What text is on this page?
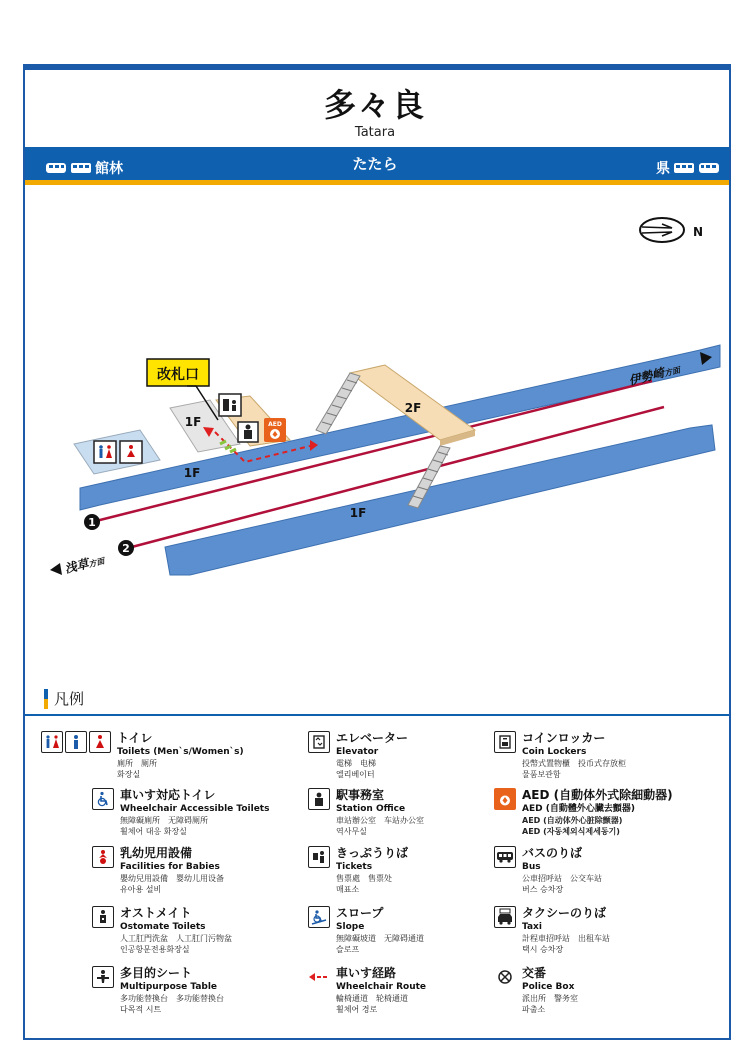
多々良
Tatara
たたら
館林	県
N
AED
改札口
1F
1F
1F
2F
1
2
伊勢崎方面
浅草方面
凡例
トイレ
Toilets (Men`s/Women`s)
廁所　厕所
화장실
車いす対応トイレ
Wheelchair Accessible Toilets
無障礙廁所　无障碍厕所
휠체어 대응 화장실
乳幼児用設備
Facilities for Babies
嬰幼兒用設備　婴幼儿用设备
유아용 설비
オストメイト
Ostomate Toilets
人工肛門洗盆　人工肛门污物盆
인공항문전용화장실
多目的シート
Multipurpose Table
多功能替換台　多功能替换台
다목적 시트
エレベーター
Elevator
電梯　电梯
엘리베이터
駅事務室
Station Office
車站辦公室　车站办公室
역사무실
きっぷうりば
Tickets
售票處　售票处
매표소
スロープ
Slope
無障礙坡道　无障碍通道
슬로프
車いす経路
Wheelchair Route
輪椅通道　轮椅通道
휠체어 경로
コインロッカー
Coin Lockers
投幣式置物櫃　投币式存放柜
물품보관함
AED (自動体外式除細動器)
AED (自動體外心臟去顫器)
AED (自动体外心脏除颤器)
AED (자동체외식제세동기)
バスのりば
Bus
公車招呼站　公交车站
버스 승차장
タクシーのりば
Taxi
計程車招呼站　出租车站
택시 승차장
交番
Police Box
派出所　警务室
파출소
